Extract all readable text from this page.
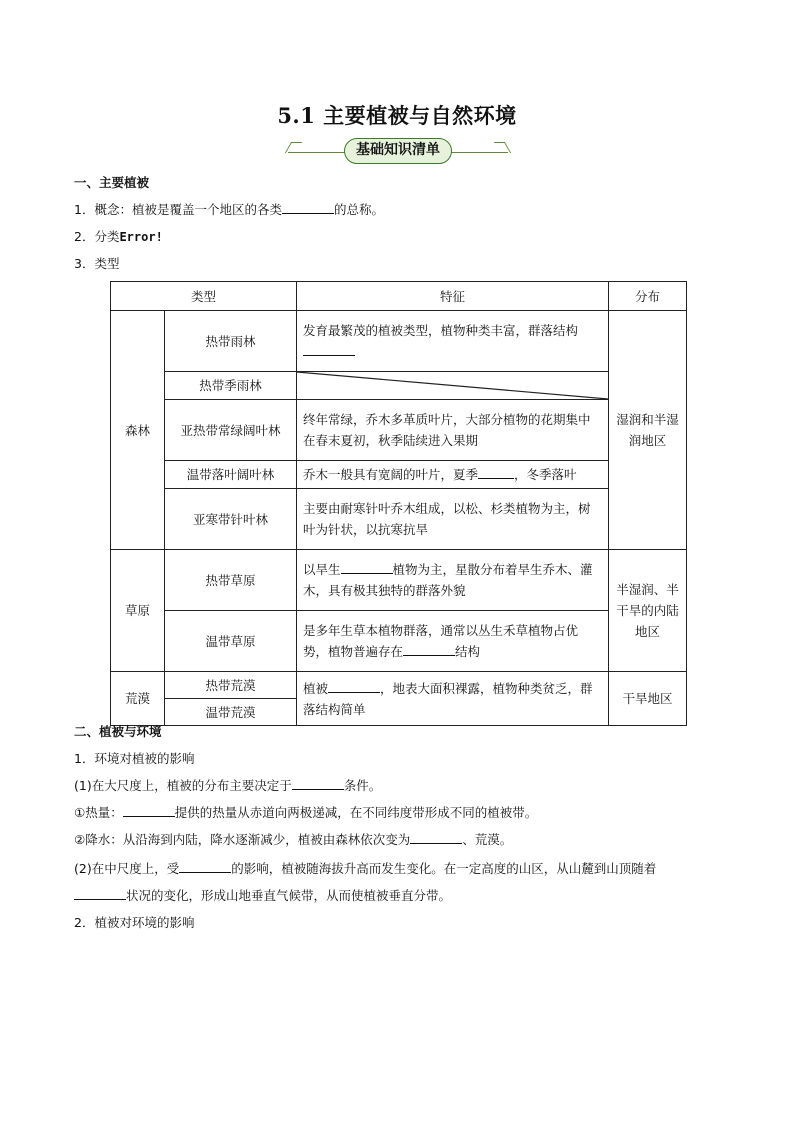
5.1 主要植被与自然环境
基础知识清单
一、主要植被
1．概念：植被是覆盖一个地区的各类	的总称。
2．分类Error!
3．类型
类型		特征	分布
森林	热带雨林	发育最繁茂的植被类型，植物种类丰富，群落结构	湿润和半湿润地区
	热带季雨林	

	亚热带常绿阔叶林	终年常绿，乔木多革质叶片，大部分植物的花期集中在春末夏初，秋季陆续进入果期	
	温带落叶阔叶林	乔木一般具有宽阔的叶片，夏季 ，冬季落叶	
	亚寒带针叶林	主要由耐寒针叶乔木组成，以松、杉类植物为主，树叶为针状，以抗寒抗旱	
草原	热带草原	以旱生 植物为主，星散分布着旱生乔木、灌木，具有极其独特的群落外貌	半湿润、半干旱的内陆地区
	温带草原	是多年生草本植物群落，通常以丛生禾草植物占优势，植物普遍存在 结构	
荒漠	热带荒漠	植被 ，地表大面积裸露，植物种类贫乏，群落结构简单	干旱地区
	温带荒漠		
二、植被与环境
1．环境对植被的影响
(1)在大尺度上，植被的分布主要决定于	条件。
①热量：	提供的热量从赤道向两极递减，在不同纬度带形成不同的植被带。
②降水：从沿海到内陆，降水逐渐减少，植被由森林依次变为	、荒漠。
(2)在中尺度上，受	的影响，植被随海拔升高而发生变化。在一定高度的山区，从山麓到山顶随着
状况的变化，形成山地垂直气候带，从而使植被垂直分带。
2．植被对环境的影响
